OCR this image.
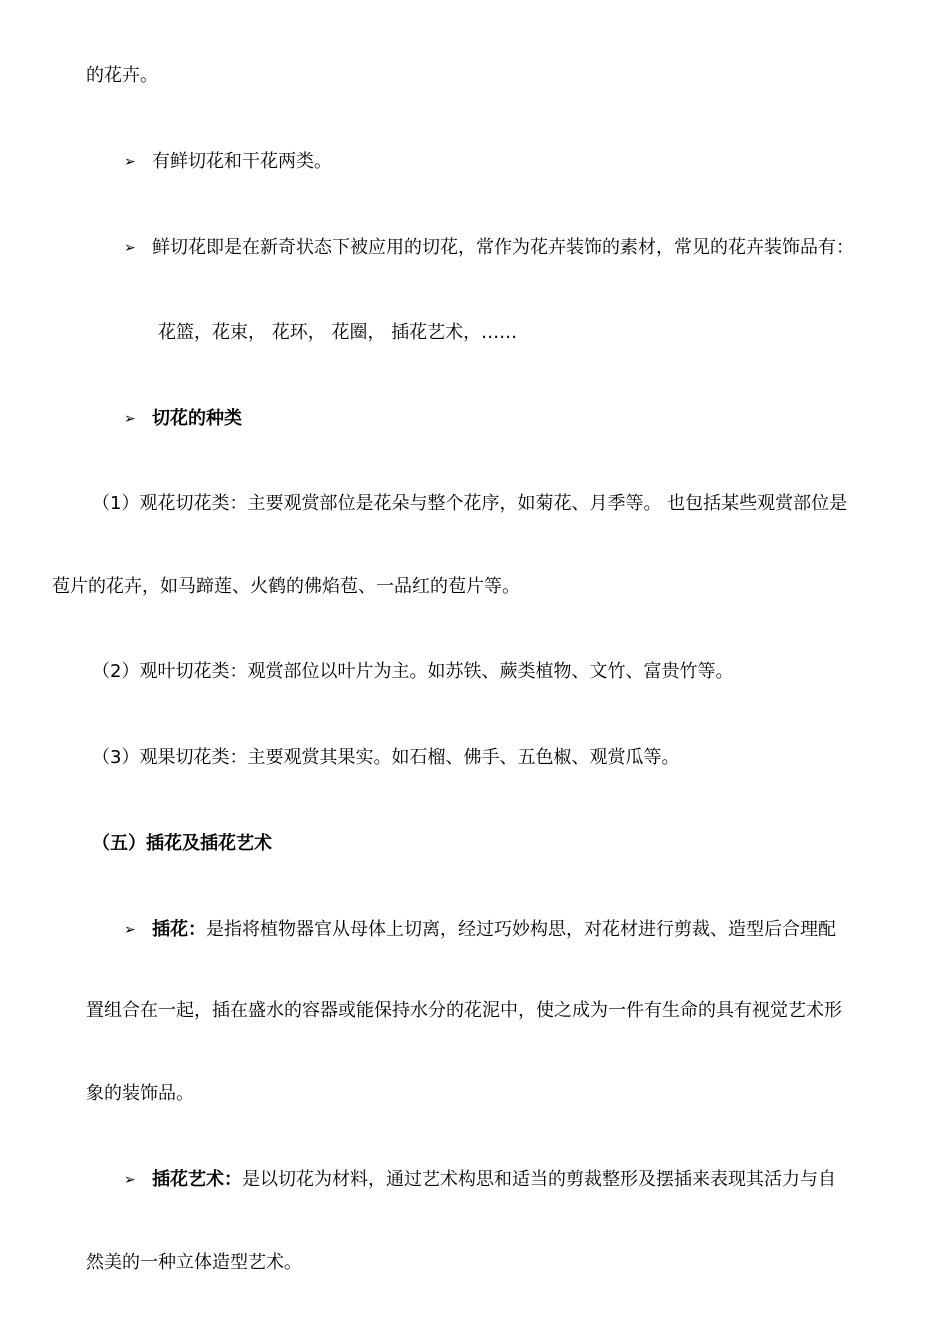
的花卉。
➢ 有鲜切花和干花两类。
➢ 鲜切花即是在新奇状态下被应用的切花，常作为花卉装饰的素材，常见的花卉装饰品有：
花篮，花束， 花环， 花圈， 插花艺术，……
➢ 切花的种类
（1）观花切花类：主要观赏部位是花朵与整个花序，如菊花、月季等。 也包括某些观赏部位是
苞片的花卉，如马蹄莲、火鹤的佛焰苞、一品红的苞片等。
（2）观叶切花类：观赏部位以叶片为主。如苏铁、蕨类植物、文竹、富贵竹等。
（3）观果切花类：主要观赏其果实。如石榴、佛手、五色椒、观赏瓜等。
（五）插花及插花艺术
➢ 插花：是指将植物器官从母体上切离，经过巧妙构思，对花材进行剪裁、造型后合理配
置组合在一起，插在盛水的容器或能保持水分的花泥中，使之成为一件有生命的具有视觉艺术形
象的装饰品。
➢ 插花艺术：是以切花为材料，通过艺术构思和适当的剪裁整形及摆插来表现其活力与自
然美的一种立体造型艺术。
